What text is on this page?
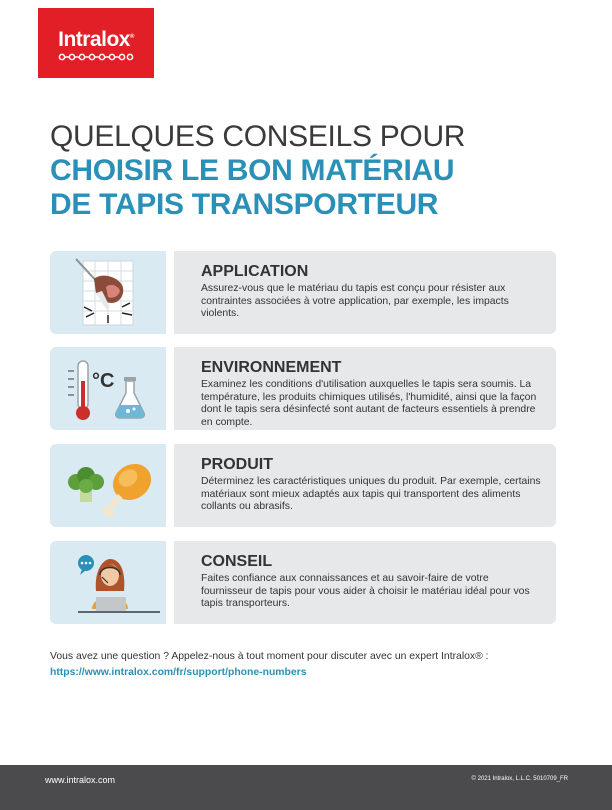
Intralox®
QUELQUES CONSEILS POUR
CHOISIR LE BON MATÉRIAU
DE TAPIS TRANSPORTEUR
APPLICATION
Assurez-vous que le matériau du tapis est conçu pour résister aux contraintes associées à votre application, par exemple, les impacts violents.
°C
ENVIRONNEMENT
Examinez les conditions d'utilisation auxquelles le tapis sera soumis. La température, les produits chimiques utilisés, l'humidité, ainsi que la façon dont le tapis sera désinfecté sont autant de facteurs essentiels à prendre en compte.
PRODUIT
Déterminez les caractéristiques uniques du produit. Par exemple, certains matériaux sont mieux adaptés aux tapis qui transportent des aliments collants ou abrasifs.
CONSEIL
Faites confiance aux connaissances et au savoir-faire de votre fournisseur de tapis pour vous aider à choisir le matériau idéal pour vos tapis transporteurs.
Vous avez une question ? Appelez-nous à tout moment pour discuter avec un expert Intralox® :
https://www.intralox.com/fr/support/phone-numbers
www.intralox.com	© 2021 Intralox, L.L.C. 5010709_FR
